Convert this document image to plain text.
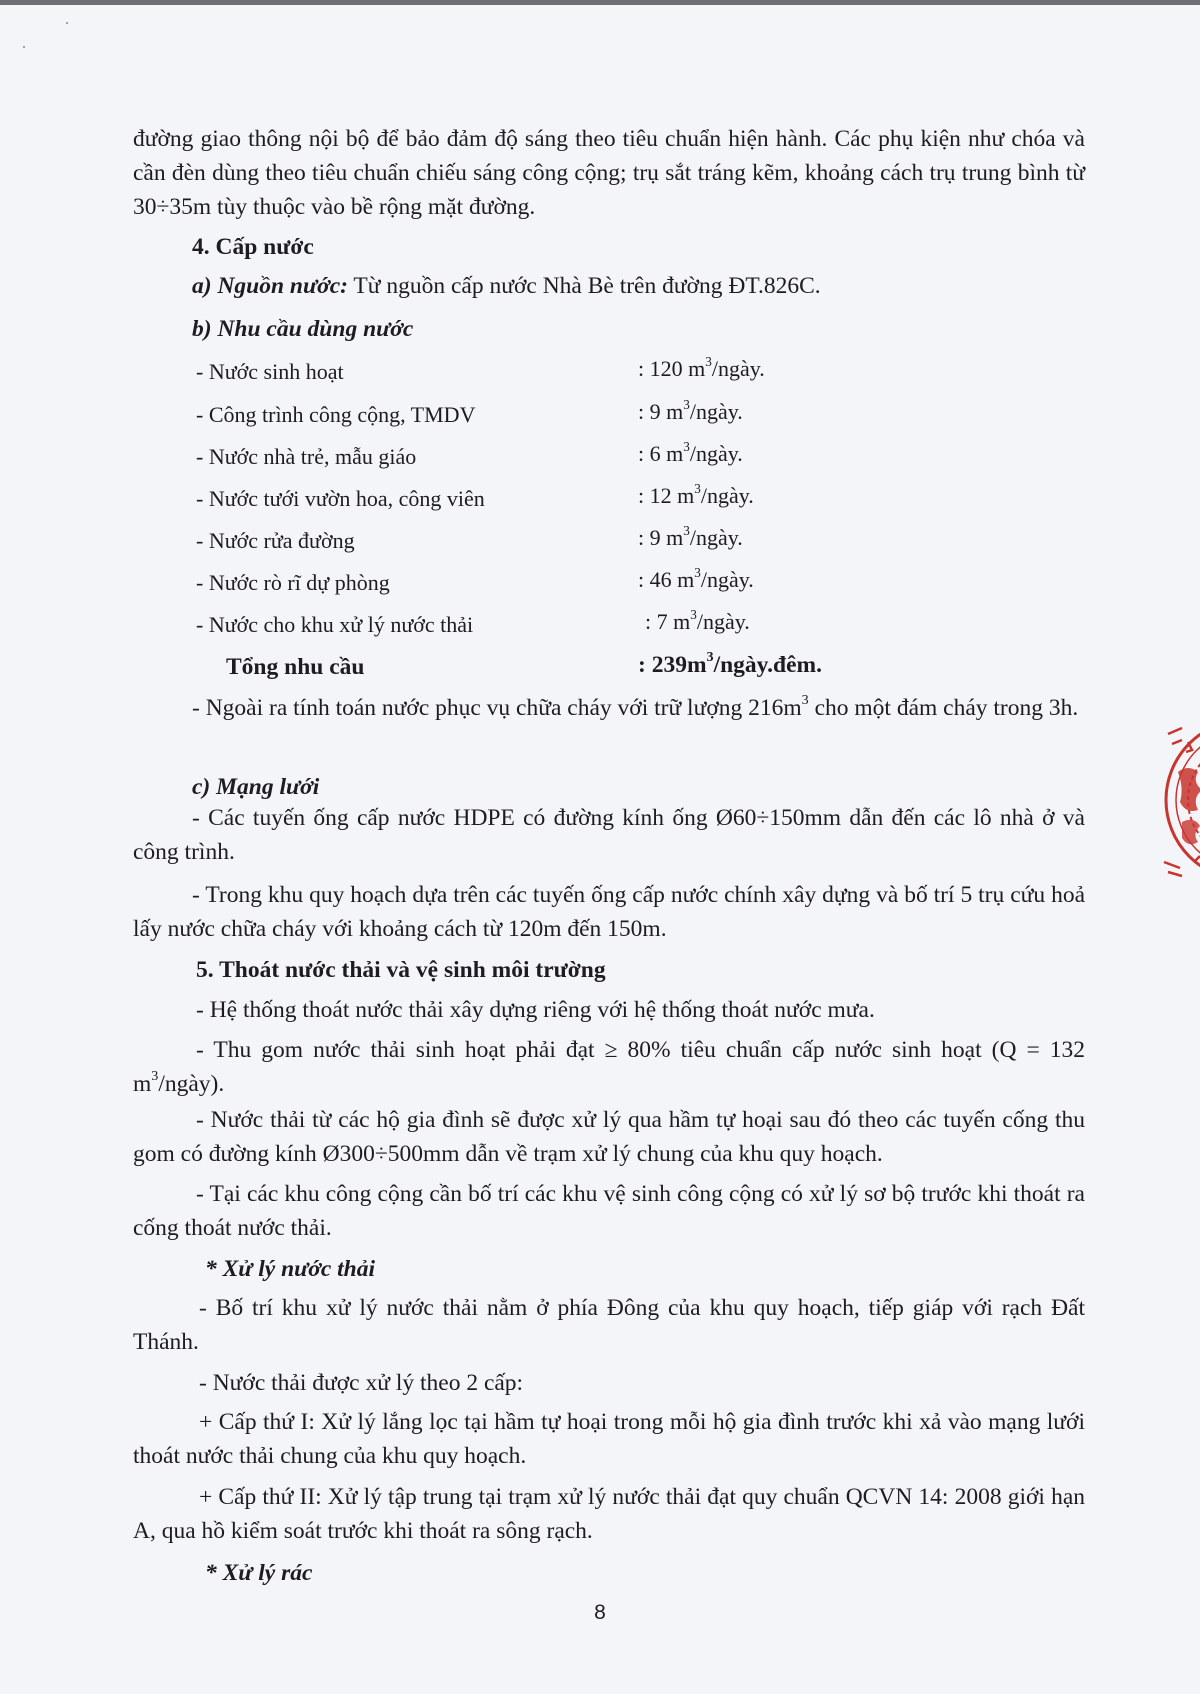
đường giao thông nội bộ để bảo đảm độ sáng theo tiêu chuẩn hiện hành. Các phụ kiện như chóa và cần đèn dùng theo tiêu chuẩn chiếu sáng công cộng; trụ sắt tráng kẽm, khoảng cách trụ trung bình từ 30÷35m tùy thuộc vào bề rộng mặt đường.

4. Cấp nước

a) Nguồn nước: Từ nguồn cấp nước Nhà Bè trên đường ĐT.826C.

b) Nhu cầu dùng nước

- Nước sinh hoạt	: 120 $m^3$/ngày.
- Công trình công cộng, TMDV	: 9 $m^3$/ngày.
- Nước nhà trẻ, mẫu giáo	: 6 $m^3$/ngày.
- Nước tưới vườn hoa, công viên	: 12 $m^3$/ngày.
- Nước rửa đường	: 9 $m^3$/ngày.
- Nước rò rĩ dự phòng	: 46 $m^3$/ngày.
- Nước cho khu xử lý nước thải	: 7 $m^3$/ngày.
Tổng nhu cầu	: $239m^3/ngày.đêm$.

- Ngoài ra tính toán nước phục vụ chữa cháy với trữ lượng $216m^3$ cho một đám cháy trong 3h.

c) Mạng lưới

- Các tuyến ống cấp nước HDPE có đường kính ống Ø60÷150mm dẫn đến các lô nhà ở và công trình.

- Trong khu quy hoạch dựa trên các tuyến ống cấp nước chính xây dựng và bố trí 5 trụ cứu hoả lấy nước chữa cháy với khoảng cách từ 120m đến 150m.

5. Thoát nước thải và vệ sinh môi trường

- Hệ thống thoát nước thải xây dựng riêng với hệ thống thoát nước mưa.

- Thu gom nước thải sinh hoạt phải đạt ≥ 80% tiêu chuẩn cấp nước sinh hoạt (Q = 132 $m^3/ngày$).

- Nước thải từ các hộ gia đình sẽ được xử lý qua hầm tự hoại sau đó theo các tuyến cống thu gom có đường kính Ø300÷500mm dẫn về trạm xử lý chung của khu quy hoạch.

- Tại các khu công cộng cần bố trí các khu vệ sinh công cộng có xử lý sơ bộ trước khi thoát ra cống thoát nước thải.

* Xử lý nước thải

- Bố trí khu xử lý nước thải nằm ở phía Đông của khu quy hoạch, tiếp giáp với rạch Đất Thánh.

- Nước thải được xử lý theo 2 cấp:

+ Cấp thứ I: Xử lý lắng lọc tại hầm tự hoại trong mỗi hộ gia đình trước khi xả vào mạng lưới thoát nước thải chung của khu quy hoạch.

+ Cấp thứ II: Xử lý tập trung tại trạm xử lý nước thải đạt quy chuẩn QCVN 14: 2008 giới hạn A, qua hồ kiểm soát trước khi thoát ra sông rạch.

* Xử lý rác

8
